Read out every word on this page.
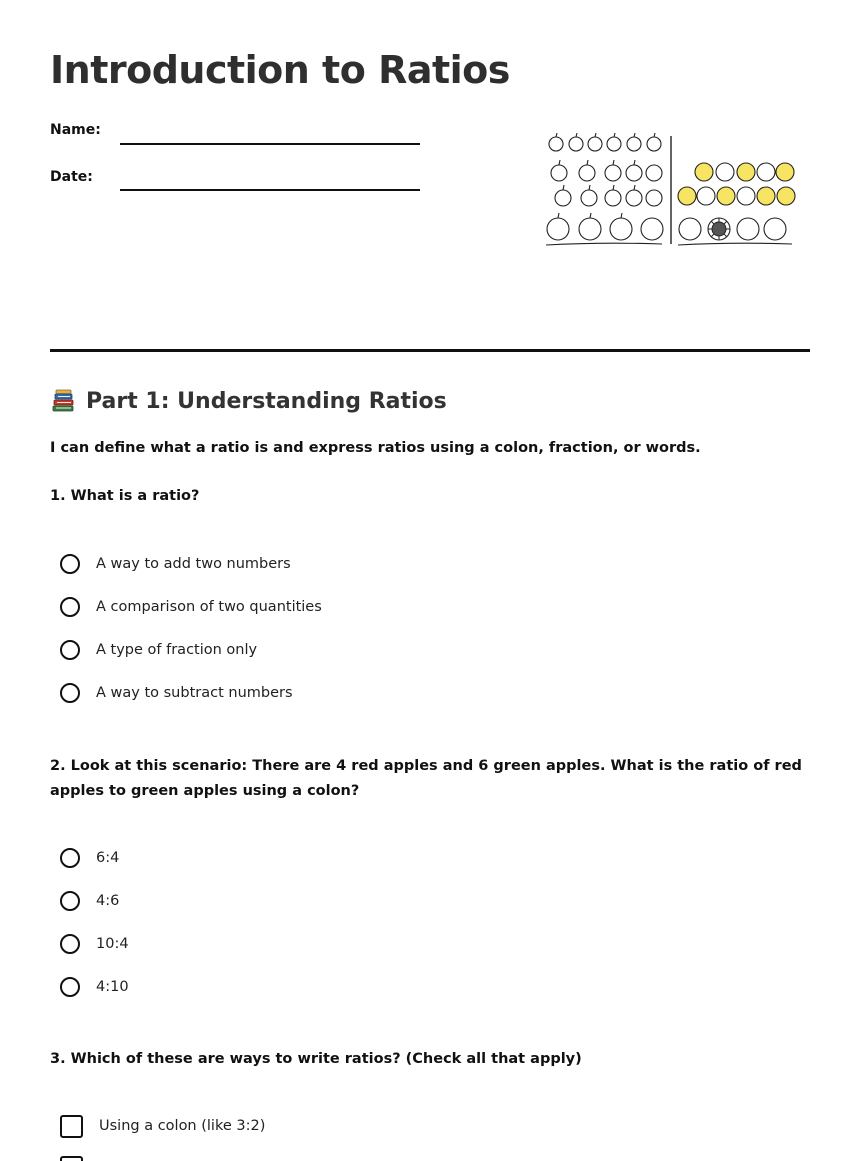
Introduction to Ratios
Name:
Date:
Part 1: Understanding Ratios
I can define what a ratio is and express ratios using a colon, fraction, or words.
1. What is a ratio?
A way to add two numbers
A comparison of two quantities
A type of fraction only
A way to subtract numbers
2. Look at this scenario: There are 4 red apples and 6 green apples. What is the ratio of red apples to green apples using a colon?
6:4
4:6
10:4
4:10
3. Which of these are ways to write ratios? (Check all that apply)
Using a colon (like 3:2)
